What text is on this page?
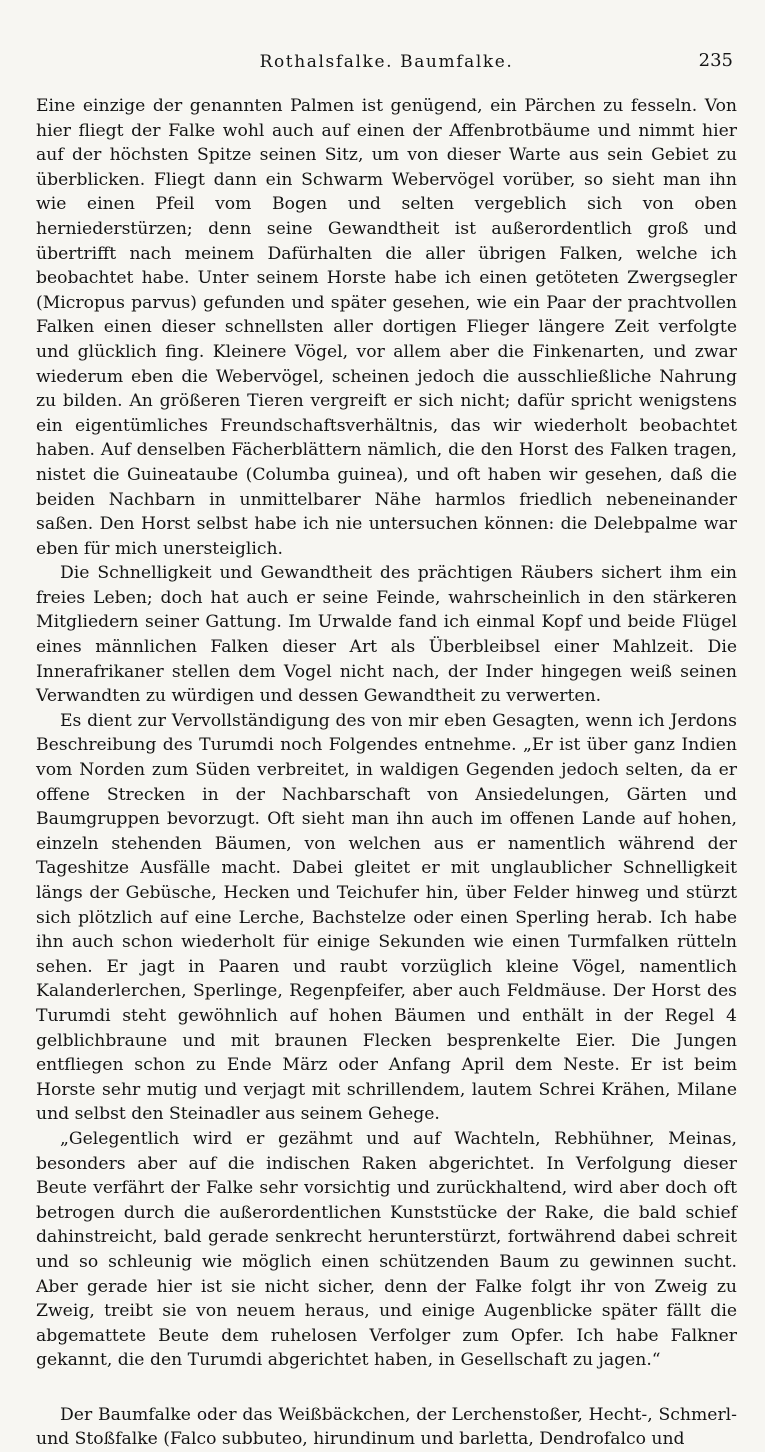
Rothalsfalke. Baumfalke.	235

Eine einzige der genannten Palmen ist genügend, ein Pärchen zu fesseln. Von hier fliegt der Falke wohl auch auf einen der Affenbrotbäume und nimmt hier auf der höchsten Spitze seinen Sitz, um von dieser Warte aus sein Gebiet zu überblicken. Fliegt dann ein Schwarm Webervögel vorüber, so sieht man ihn wie einen Pfeil vom Bogen und selten vergeblich sich von oben herniederstürzen; denn seine Gewandtheit ist außerordentlich groß und übertrifft nach meinem Dafürhalten die aller übrigen Falken, welche ich beobachtet habe. Unter seinem Horste habe ich einen getöteten Zwergsegler (Micropus parvus) gefunden und später gesehen, wie ein Paar der prachtvollen Falken einen dieser schnellsten aller dortigen Flieger längere Zeit verfolgte und glücklich fing. Kleinere Vögel, vor allem aber die Finkenarten, und zwar wiederum eben die Webervögel, scheinen jedoch die ausschließliche Nahrung zu bilden. An größeren Tieren vergreift er sich nicht; dafür spricht wenigstens ein eigentümliches Freundschaftsverhältnis, das wir wiederholt beobachtet haben. Auf denselben Fächerblättern nämlich, die den Horst des Falken tragen, nistet die Guineataube (Columba guinea), und oft haben wir gesehen, daß die beiden Nachbarn in unmittelbarer Nähe harmlos friedlich nebeneinander saßen. Den Horst selbst habe ich nie untersuchen können: die Delebpalme war eben für mich unersteiglich.

Die Schnelligkeit und Gewandtheit des prächtigen Räubers sichert ihm ein freies Leben; doch hat auch er seine Feinde, wahrscheinlich in den stärkeren Mitgliedern seiner Gattung. Im Urwalde fand ich einmal Kopf und beide Flügel eines männlichen Falken dieser Art als Überbleibsel einer Mahlzeit. Die Innerafrikaner stellen dem Vogel nicht nach, der Inder hingegen weiß seinen Verwandten zu würdigen und dessen Gewandtheit zu verwerten.

Es dient zur Vervollständigung des von mir eben Gesagten, wenn ich Jerdons Beschreibung des Turumdi noch Folgendes entnehme. „Er ist über ganz Indien vom Norden zum Süden verbreitet, in waldigen Gegenden jedoch selten, da er offene Strecken in der Nachbarschaft von Ansiedelungen, Gärten und Baumgruppen bevorzugt. Oft sieht man ihn auch im offenen Lande auf hohen, einzeln stehenden Bäumen, von welchen aus er namentlich während der Tageshitze Ausfälle macht. Dabei gleitet er mit unglaublicher Schnelligkeit längs der Gebüsche, Hecken und Teichufer hin, über Felder hinweg und stürzt sich plötzlich auf eine Lerche, Bachstelze oder einen Sperling herab. Ich habe ihn auch schon wiederholt für einige Sekunden wie einen Turmfalken rütteln sehen. Er jagt in Paaren und raubt vorzüglich kleine Vögel, namentlich Kalanderlerchen, Sperlinge, Regenpfeifer, aber auch Feldmäuse. Der Horst des Turumdi steht gewöhnlich auf hohen Bäumen und enthält in der Regel 4 gelblichbraune und mit braunen Flecken besprenkelte Eier. Die Jungen entfliegen schon zu Ende März oder Anfang April dem Neste. Er ist beim Horste sehr mutig und verjagt mit schrillendem, lautem Schrei Krähen, Milane und selbst den Steinadler aus seinem Gehege.

„Gelegentlich wird er gezähmt und auf Wachteln, Rebhühner, Meinas, besonders aber auf die indischen Raken abgerichtet. In Verfolgung dieser Beute verfährt der Falke sehr vorsichtig und zurückhaltend, wird aber doch oft betrogen durch die außerordentlichen Kunststücke der Rake, die bald schief dahinstreicht, bald gerade senkrecht herunterstürzt, fortwährend dabei schreit und so schleunig wie möglich einen schützenden Baum zu gewinnen sucht. Aber gerade hier ist sie nicht sicher, denn der Falke folgt ihr von Zweig zu Zweig, treibt sie von neuem heraus, und einige Augenblicke später fällt die abgemattete Beute dem ruhelosen Verfolger zum Opfer. Ich habe Falkner gekannt, die den Turumdi abgerichtet haben, in Gesellschaft zu jagen.“

Der Baumfalke oder das Weißbäckchen, der Lerchenstoßer, Hecht-, Schmerl- und Stoßfalke (Falco subbuteo, hirundinum und barletta, Dendrofalco und
